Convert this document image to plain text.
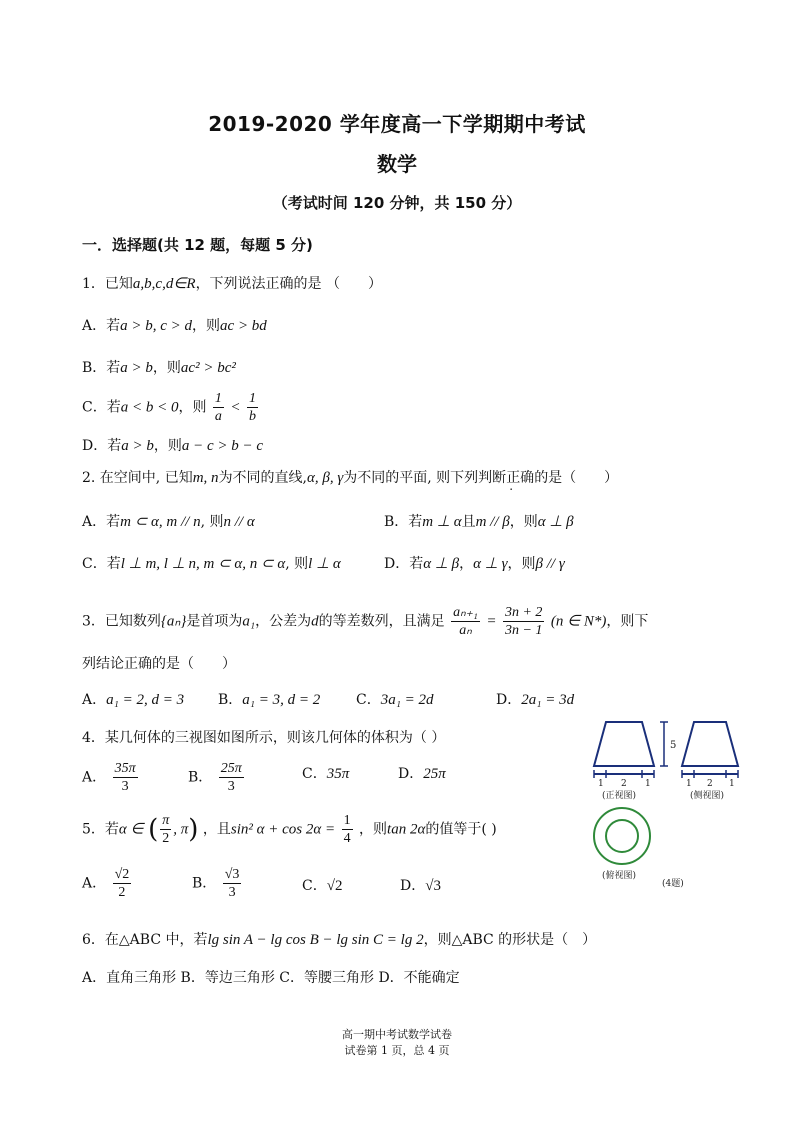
2019-2020 学年度高一下学期期中考试
数学
（考试时间 120 分钟，共 150 分）
一．选择题(共 12 题，每题 5 分)
1．已知a,b,c,d∈R，下列说法正确的是 （　　）
A．若a > b, c > d，则ac > bd
B．若a > b，则ac² > bc²
C．若a < b < 0，则 $\frac{1}{a} < \frac{1}{b}$
D．若a > b，则a − c > b − c
2. 在空间中, 已知m, n为不同的直线,α, β, γ为不同的平面, 则下列判断正确的是（　　）
A．若m ⊂ α, m // n, 则n // α	B．若m ⊥ α且m // β，则α ⊥ β
C．若l ⊥ m, l ⊥ n, m ⊂ α, n ⊂ α, 则l ⊥ α	D．若α ⊥ β，α ⊥ γ，则β // γ
3．已知数列{aₙ}是首项为a₁，公差为d的等差数列，且满足 $\frac{\text{aₙ₊₁}}{\text{aₙ}} = \frac{3n + 2}{3n - 1} (n$ ∈ N*)，则下
列结论正确的是（　　）
A．a₁ = 2, d = 3 B．a₁ = 3, d = 2	C．3a₁ = 2d	D．2a₁ = 3d
4．某几何体的三视图如图所示，则该几何体的体积为（ ）
A． $\frac{35\pi}{3}$	B． $\frac{25\pi}{3}$	C．35π	D．25π
5．若α ∈ ( $\frac{\pi}{2}$ , π) ，且sin² $\alpha + \cos 2\alpha = \frac{1}{4}$ ，则tan 2α的值等于( )
A． $\frac{√2}{2}$	B． $\frac{√3}{3}$	C．√2	D．√3
6．在△ABC 中，若lg sin A − lg cos B − lg sin C = lg 2，则△ABC 的形状是（　）
A．直角三角形 B．等边三角形 C．等腰三角形 D．不能确定
1 2 1
(正视图)
5
1 2 1
(侧视图)
(俯视图)
(4题)
高一期中考试数学试卷
试卷第 1 页，总 4 页
